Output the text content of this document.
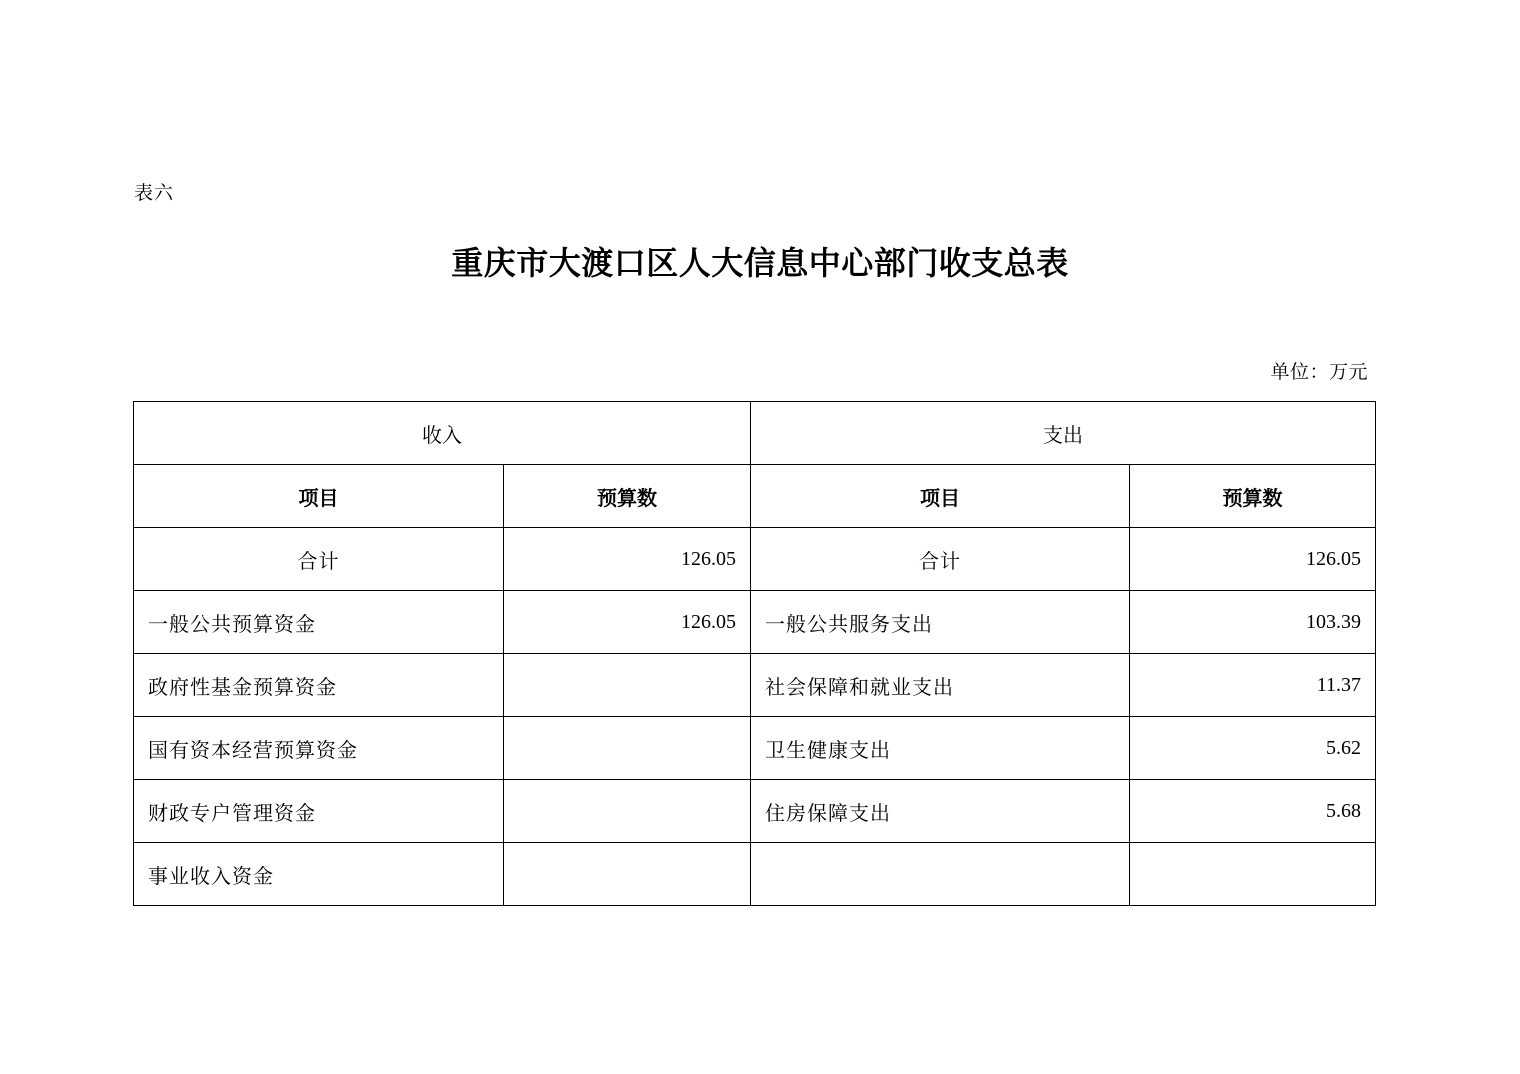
表六
重庆市大渡口区人大信息中心部门收支总表
单位：万元
收入		支出	
项目	预算数	项目	预算数
合计	126.05	合计	126.05
一般公共预算资金	126.05	一般公共服务支出	103.39
政府性基金预算资金		社会保障和就业支出	11.37
国有资本经营预算资金		卫生健康支出	5.62
财政专户管理资金		住房保障支出	5.68
事业收入资金			
